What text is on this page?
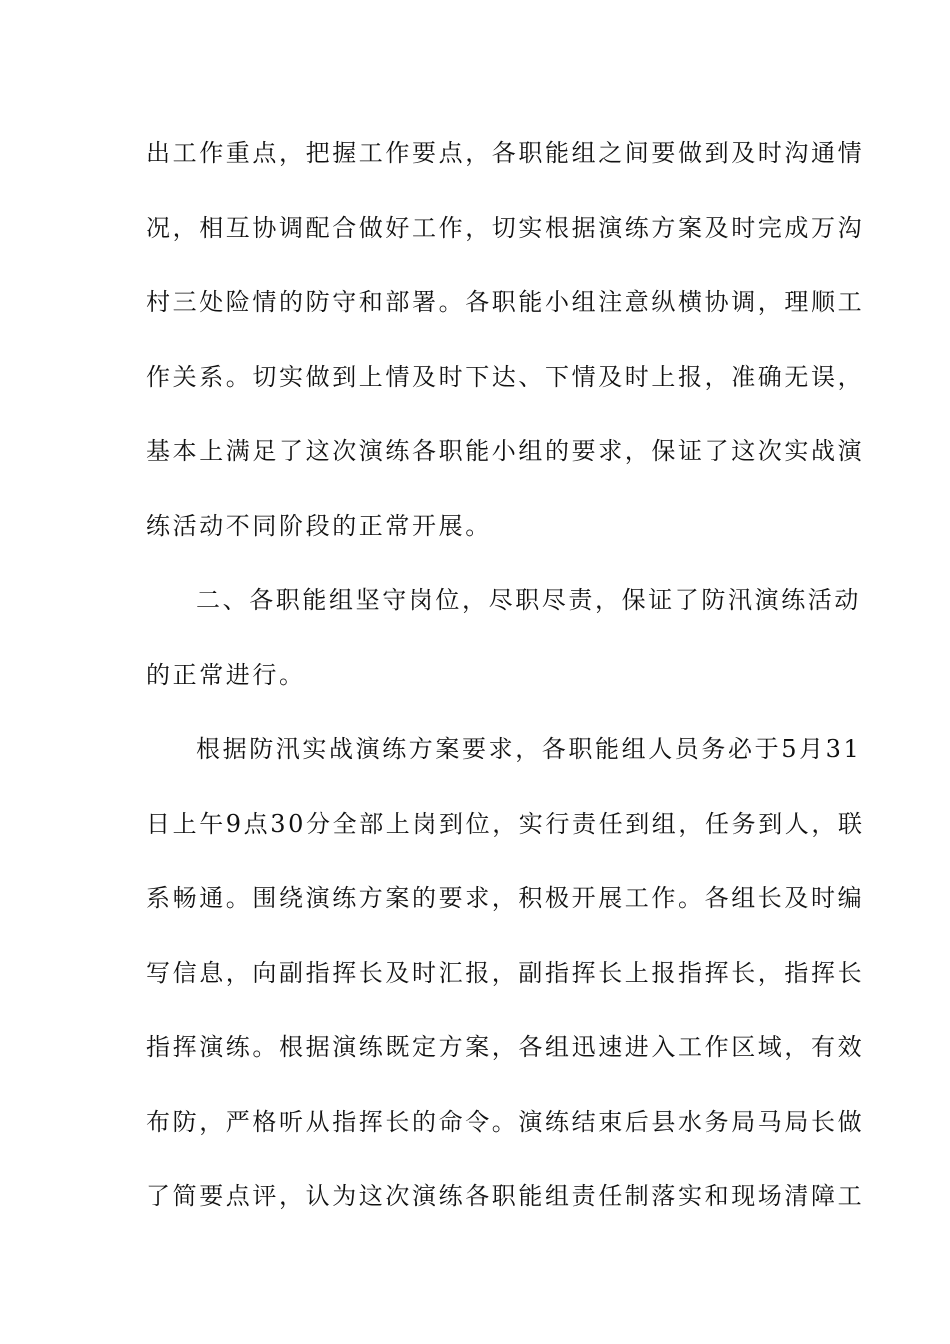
出工作重点，把握工作要点，各职能组之间要做到及时沟通情
况，相互协调配合做好工作，切实根据演练方案及时完成万沟
村三处险情的防守和部署。各职能小组注意纵横协调，理顺工
作关系。切实做到上情及时下达、下情及时上报，准确无误，
基本上满足了这次演练各职能小组的要求，保证了这次实战演
练活动不同阶段的正常开展。
二、各职能组坚守岗位，尽职尽责，保证了防汛演练活动
的正常进行。
根据防汛实战演练方案要求，各职能组人员务必于5月31
日上午9点30分全部上岗到位，实行责任到组，任务到人，联
系畅通。围绕演练方案的要求，积极开展工作。各组长及时编
写信息，向副指挥长及时汇报，副指挥长上报指挥长，指挥长
指挥演练。根据演练既定方案，各组迅速进入工作区域，有效
布防，严格听从指挥长的命令。演练结束后县水务局马局长做
了简要点评，认为这次演练各职能组责任制落实和现场清障工
